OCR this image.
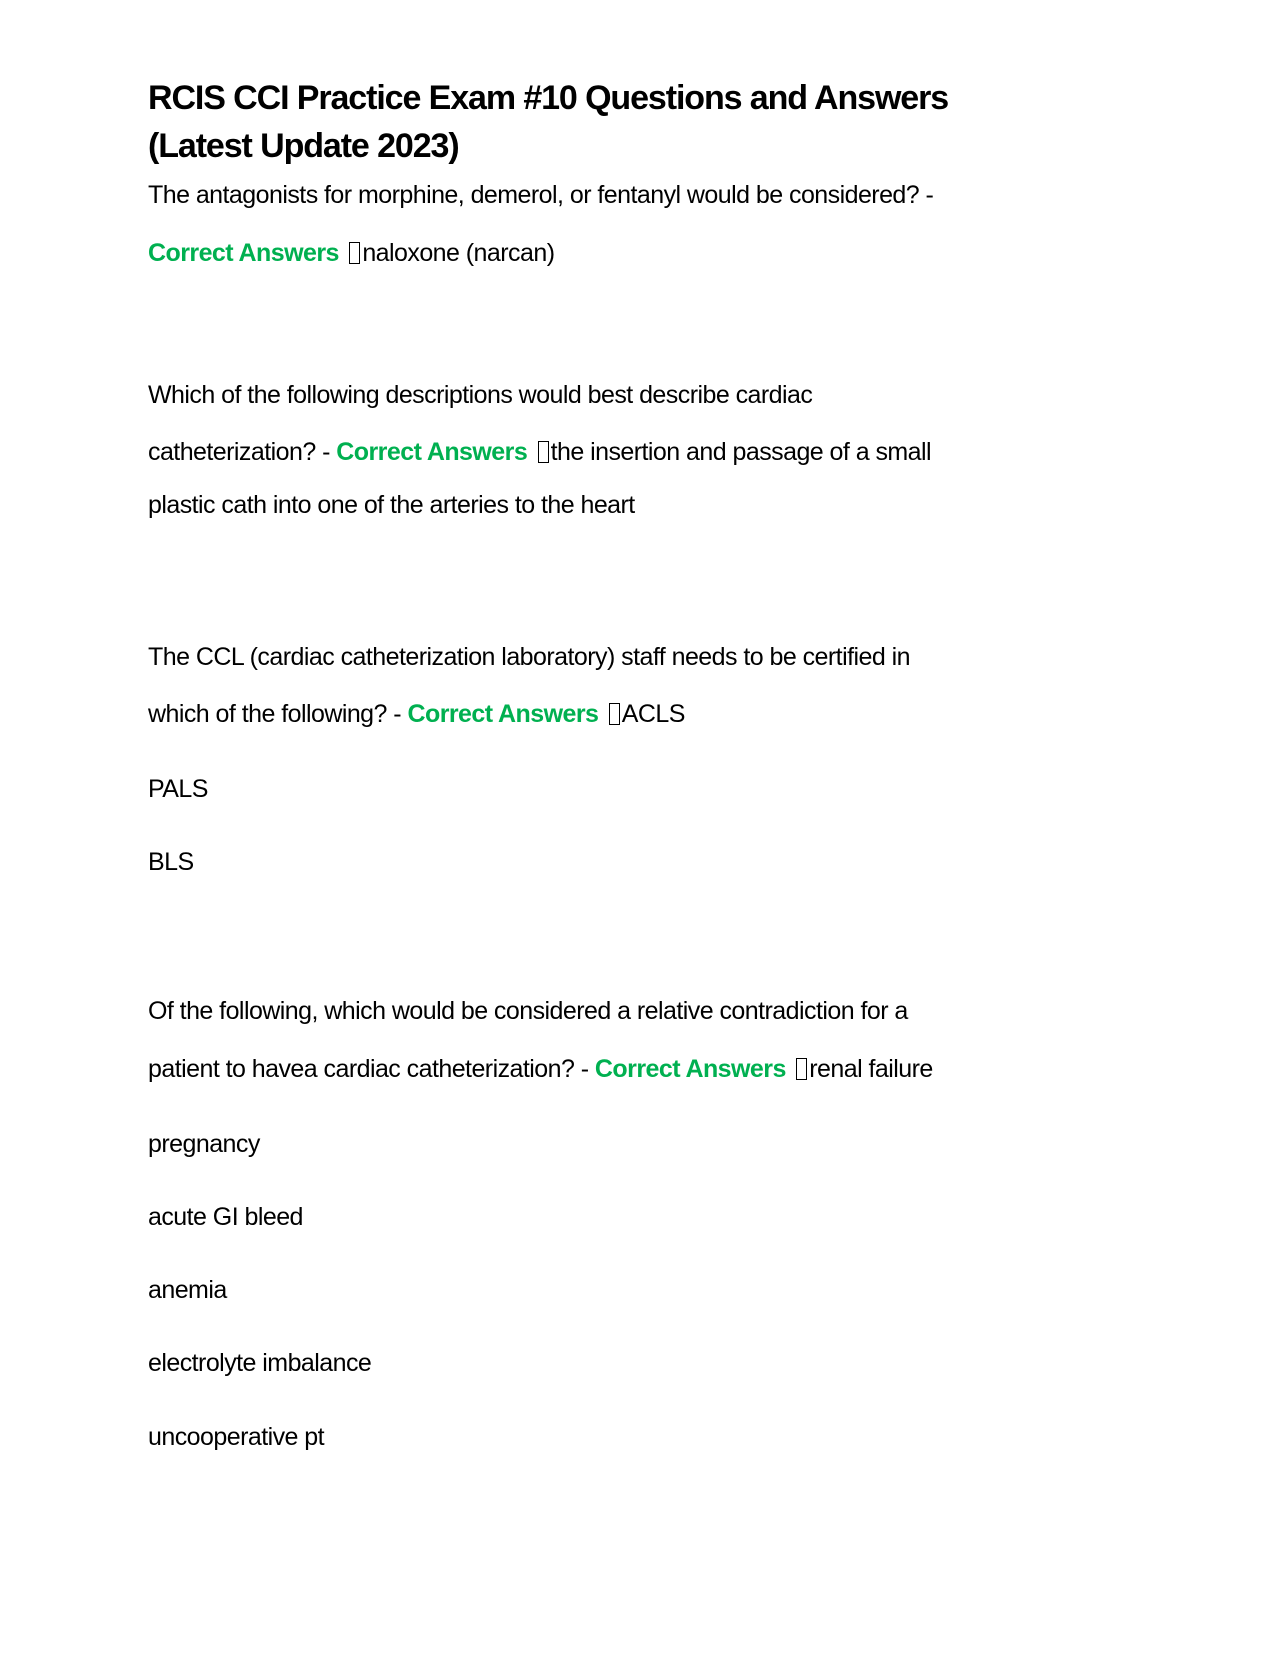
RCIS CCI Practice Exam #10 Questions and Answers
(Latest Update 2023)
The antagonists for morphine, demerol, or fentanyl would be considered? -
Correct Answers naloxone (narcan)
Which of the following descriptions would best describe cardiac
catheterization? - Correct Answers the insertion and passage of a small
plastic cath into one of the arteries to the heart
The CCL (cardiac catheterization laboratory) staff needs to be certified in
which of the following? - Correct Answers ACLS
PALS
BLS
Of the following, which would be considered a relative contradiction for a
patient to havea cardiac catheterization? - Correct Answers renal failure
pregnancy
acute GI bleed
anemia
electrolyte imbalance
uncooperative pt
